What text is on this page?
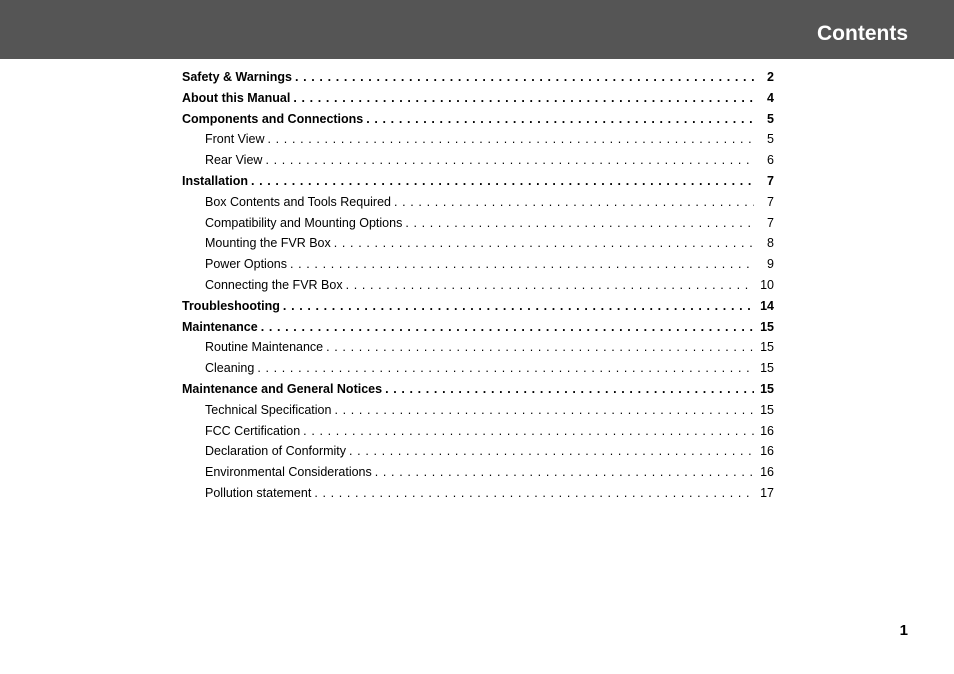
Contents
Safety & Warnings . . .	2
About this Manual . . .	4
Components and Connections . . .	5
Front View . . .	5
Rear View . . .	6
Installation . . .	7
Box Contents and Tools Required . . .	7
Compatibility and Mounting Options . . .	7
Mounting the FVR Box . . .	8
Power Options . . .	9
Connecting the FVR Box . . .	10
Troubleshooting . . .	14
Maintenance . . .	15
Routine Maintenance . . .	15
Cleaning . . .	15
Maintenance and General Notices . . .	15
Technical Specification . . .	15
FCC Certification . . .	16
Declaration of Conformity . . .	16
Environmental Considerations . . .	16
Pollution statement . . .	17
1
